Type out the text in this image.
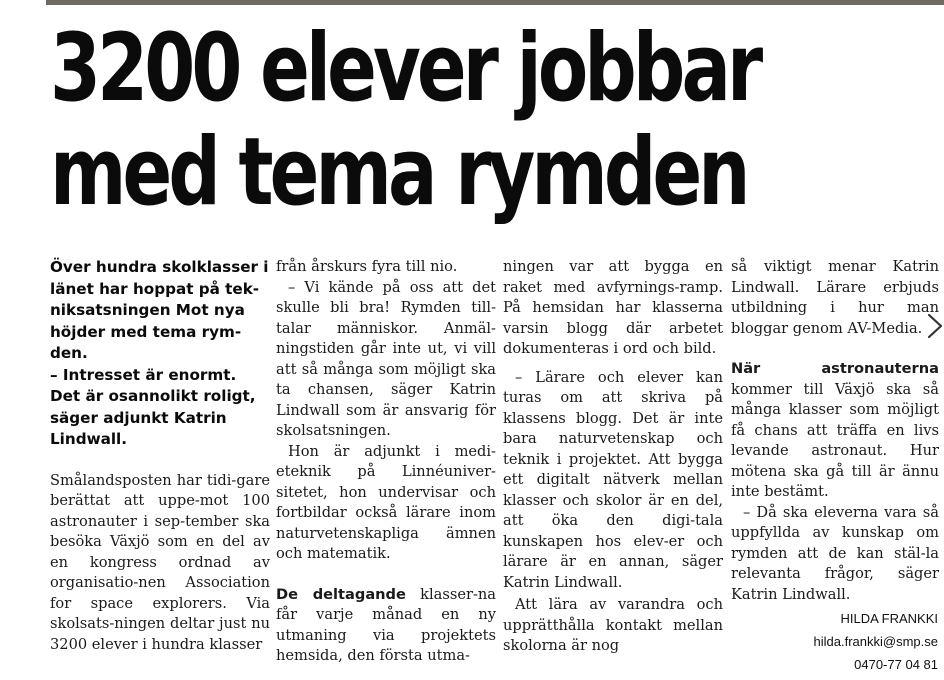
3200 elever jobbar
med tema rymden

Över hundra skolklasser i länet har hoppat på tek-niksatsningen Mot nya höjder med tema rym-den.

– Intresset är enormt. Det är osannolikt roligt, säger adjunkt Katrin Lindwall.

Smålandsposten har tidi-gare berättat att uppe-mot 100 astronauter i sep-tember ska besöka Växjö som en del av en kongress ordnad av organisatio-nen Association for space explorers. Via skolsats-ningen deltar just nu 3200 elever i hundra klasser

från årskurs fyra till nio.

– Vi kände på oss att det skulle bli bra! Rymden till-talar människor. Anmäl-ningstiden går inte ut, vi vill att så många som möjligt ska ta chansen, säger Katrin Lindwall som är ansvarig för skolsatsningen.

Hon är adjunkt i medi-eteknik på Linnéuniver-sitetet, hon undervisar och fortbildar också lärare inom naturvetenskapliga ämnen och matematik.

De deltagande klasser-na får varje månad en ny utmaning via projektets hemsida, den första utma-

ningen var att bygga en raket med avfyrnings-ramp. På hemsidan har klasserna varsin blogg där arbetet dokumenteras i ord och bild.

– Lärare och elever kan turas om att skriva på klassens blogg. Det är inte bara naturvetenskap och teknik i projektet. Att bygga ett digitalt nätverk mellan klasser och skolor är en del, att öka den digi-tala kunskapen hos elev-er och lärare är en annan, säger Katrin Lindwall.

Att lära av varandra och upprätthålla kontakt mellan skolorna är nog

så viktigt menar Katrin Lindwall. Lärare erbjuds utbildning i hur man bloggar genom AV-Media.

När astronauterna kommer till Växjö ska så många klasser som möjligt få chans att träffa en livs levande astronaut. Hur mötena ska gå till är ännu inte bestämt.

– Då ska eleverna vara så uppfyllda av kunskap om rymden att de kan stäl-la relevanta frågor, säger Katrin Lindwall.

HILDA FRANKKI
hilda.frankki@smp.se
0470-77 04 81
